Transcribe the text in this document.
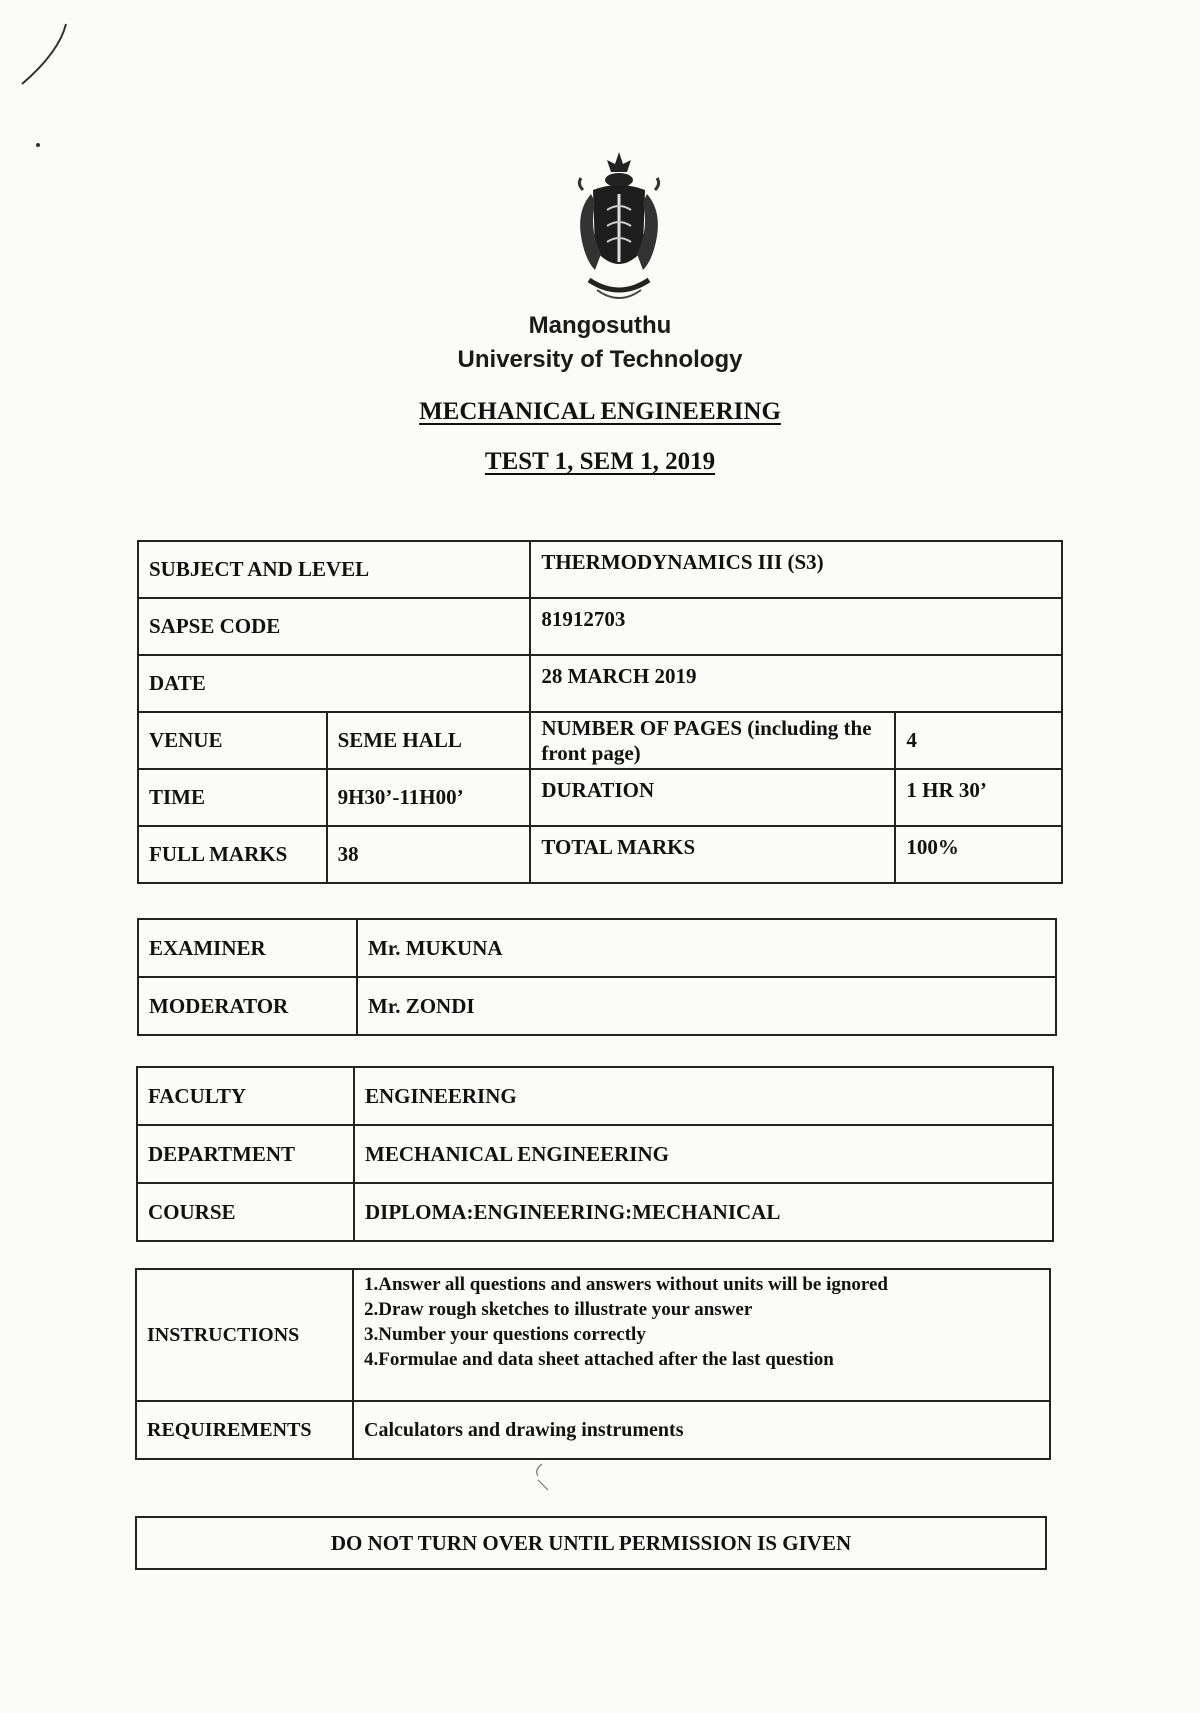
Mangosuthu
University of Technology
MECHANICAL ENGINEERING
TEST 1, SEM 1, 2019
SUBJECT AND LEVEL		THERMODYNAMICS III (S3)	
SAPSE CODE		81912703	
DATE		28 MARCH 2019	
VENUE	SEME HALL	NUMBER OF PAGES (including the front page)	4
TIME	9H30’-11H00’	DURATION	1 HR 30’
FULL MARKS	38	TOTAL MARKS	100%
EXAMINER	Mr. MUKUNA
MODERATOR	Mr. ZONDI
FACULTY	ENGINEERING
DEPARTMENT	MECHANICAL ENGINEERING
COURSE	DIPLOMA:ENGINEERING:MECHANICAL
INSTRUCTIONS	1.Answer all questions and answers without units will be ignored
2.Draw rough sketches to illustrate your answer
3.Number your questions correctly
4.Formulae and data sheet attached after the last question

REQUIREMENTS	Calculators and drawing instruments
DO NOT TURN OVER UNTIL PERMISSION IS GIVEN
